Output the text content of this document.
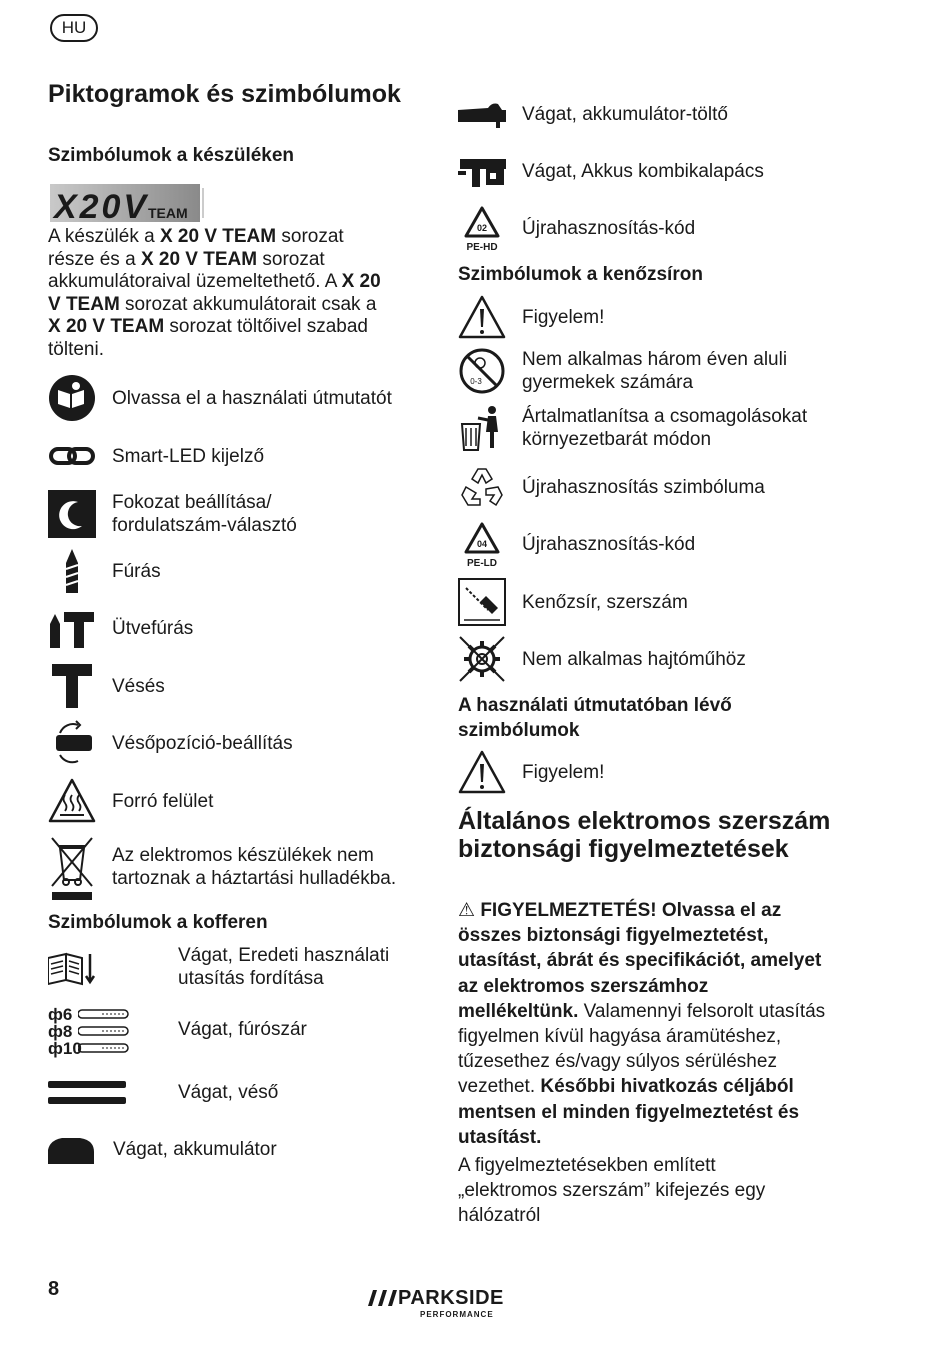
HU
Piktogramok és szimbólumok
Szimbólumok a készüléken
X20V TEAM
A készülék a X 20 V TEAM sorozat része és a X 20 V TEAM sorozat akkumulátoraival üzemeltethető. A X 20 V TEAM sorozat akkumulátorait csak a X 20 V TEAM sorozat töltőivel szabad tölteni.
Olvassa el a használati útmutatót
Smart-LED kijelző
Fokozat beállítása/ fordulatszám-választó
Fúrás
Ütvefúrás
Vésés
Vésőpozíció-beállítás
Forró felület
Az elektromos készülékek nem tartoznak a háztartási hulladékba.
Szimbólumok a kofferen
Vágat, Eredeti használati utasítás fordítása
ф6
ф8
ф10
Vágat, fúrószár
Vágat, véső
Vágat, akkumulátor
Vágat, akkumulátor-töltő
Vágat, Akkus kombikalapács
02
PE-HD
Újrahasznosítás-kód
Szimbólumok a kenőzsíron
Figyelem!
0-3
Nem alkalmas három éven aluli gyermekek számára
Ártalmatlanítsa a csomagolásokat környezetbarát módon
Újrahasznosítás szimbóluma
04
PE-LD
Újrahasznosítás-kód
Kenőzsír, szerszám
Nem alkalmas hajtóműhöz
A használati útmutatóban lévő szimbólumok
Figyelem!
Általános elektromos szerszám biztonsági figyelmeztetések
⚠ FIGYELMEZTETÉS! Olvassa el az összes biztonsági figyelmeztetést, utasítást, ábrát és specifikációt, amelyet az elektromos szerszámhoz mellékeltünk. Valamennyi felsorolt utasítás figyelmen kívül hagyása áramütéshez, tűzesethez és/vagy súlyos sérüléshez vezethet. Későbbi hivatkozás céljából mentsen el minden figyelmeztetést és utasítást.
A figyelmeztetésekben említett „elektromos szerszám” kifejezés egy hálózatról
8	PARKSIDE
PERFORMANCE
